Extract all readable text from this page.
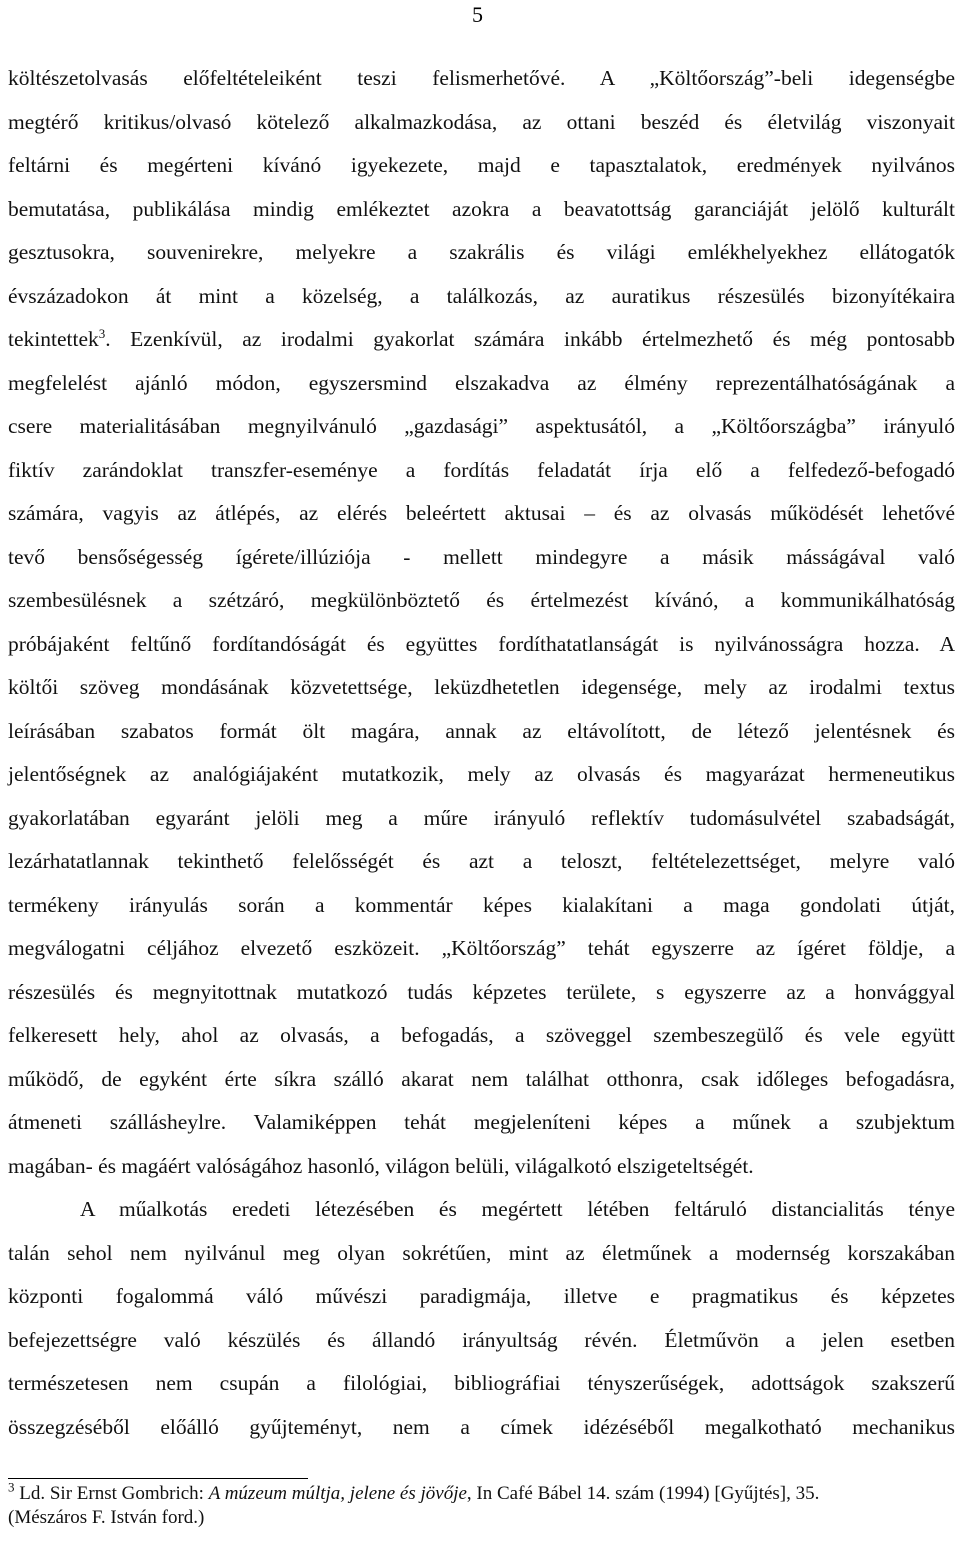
5
költészetolvasás előfeltételeiként teszi felismerhetővé. A „Költőország”-beli idegenségbe
megtérő kritikus/olvasó kötelező alkalmazkodása, az ottani beszéd és életvilág viszonyait
feltárni és megérteni kívánó igyekezete, majd e tapasztalatok, eredmények nyilvános
bemutatása, publikálása mindig emlékeztet azokra a beavatottság garanciáját jelölő kulturált
gesztusokra, souvenirekre, melyekre a szakrális és világi emlékhelyekhez ellátogatók
évszázadokon át mint a közelség, a találkozás, az auratikus részesülés bizonyítékaira
tekintettek$^3$. Ezenkívül, az irodalmi gyakorlat számára inkább értelmezhető és még pontosabb
megfelelést ajánló módon, egyszersmind elszakadva az élmény reprezentálhatóságának a
csere materialitásában megnyilvánuló „gazdasági” aspektusától, a „Költőországba” irányuló
fiktív zarándoklat transzfer-eseménye a fordítás feladatát írja elő a felfedező-befogadó
számára, vagyis az átlépés, az elérés beleértett aktusai – és az olvasás működését lehetővé
tevő bensőségesség ígérete/illúziója - mellett mindegyre a másik másságával való
szembesülésnek a szétzáró, megkülönböztető és értelmezést kívánó, a kommunikálhatóság
próbájaként feltűnő fordítandóságát és együttes fordíthatatlanságát is nyilvánosságra hozza. A
költői szöveg mondásának közvetettsége, leküzdhetetlen idegensége, mely az irodalmi textus
leírásában szabatos formát ölt magára, annak az eltávolított, de létező jelentésnek és
jelentőségnek az analógiájaként mutatkozik, mely az olvasás és magyarázat hermeneutikus
gyakorlatában egyaránt jelöli meg a műre irányuló reflektív tudomásulvétel szabadságát,
lezárhatatlannak tekinthető felelősségét és azt a teloszt, feltételezettséget, melyre való
termékeny irányulás során a kommentár képes kialakítani a maga gondolati útját,
megválogatni céljához elvezető eszközeit. „Költőország” tehát egyszerre az ígéret földje, a
részesülés és megnyitottnak mutatkozó tudás képzetes területe, s egyszerre az a honvággyal
felkeresett hely, ahol az olvasás, a befogadás, a szöveggel szembeszegülő és vele együtt
működő, de egyként érte síkra szálló akarat nem találhat otthonra, csak időleges befogadásra,
átmeneti szállásheylre. Valamiképpen tehát megjeleníteni képes a műnek a szubjektum
magában- és magáért valóságához hasonló, világon belüli, világalkotó elszigeteltségét.
A műalkotás eredeti létezésében és megértett létében feltáruló distancialitás ténye
talán sehol nem nyilvánul meg olyan sokrétűen, mint az életműnek a modernség korszakában
központi fogalommá váló művészi paradigmája, illetve e pragmatikus és képzetes
befejezettségre való készülés és állandó irányultság révén. Életművön a jelen esetben
természetesen nem csupán a filológiai, bibliográfiai tényszerűségek, adottságok szakszerű
összegzéséből előálló gyűjteményt, nem a címek idézéséből megalkotható mechanikus
$^3$ Ld. Sir Ernst Gombrich: A múzeum múltja, jelene és jövője, In Café Bábel 14. szám (1994) [Gyűjtés], 35.
(Mészáros F. István ford.)
